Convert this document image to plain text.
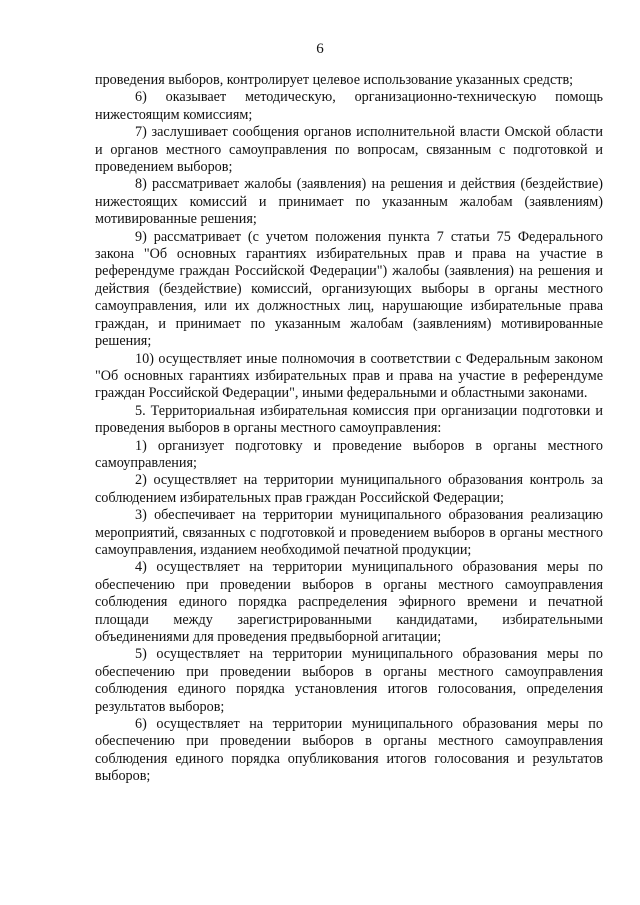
6

проведения выборов, контролирует целевое использование указанных средств;

6) оказывает методическую, организационно-техническую помощь нижестоящим комиссиям;

7) заслушивает сообщения органов исполнительной власти Омской области и органов местного самоуправления по вопросам, связанным с подготовкой и проведением выборов;

8) рассматривает жалобы (заявления) на решения и действия (бездействие) нижестоящих комиссий и принимает по указанным жалобам (заявлениям) мотивированные решения;

9) рассматривает (с учетом положения пункта 7 статьи 75 Федерального закона "Об основных гарантиях избирательных прав и права на участие в референдуме граждан Российской Федерации") жалобы (заявления) на решения и действия (бездействие) комиссий, организующих выборы в органы местного самоуправления, или их должностных лиц, нарушающие избирательные права граждан, и принимает по указанным жалобам (заявлениям) мотивированные решения;

10) осуществляет иные полномочия в соответствии с Федеральным законом "Об основных гарантиях избирательных прав и права на участие в референдуме граждан Российской Федерации", иными федеральными и областными законами.

5. Территориальная избирательная комиссия при организации подготовки и проведения выборов в органы местного самоуправления:

1) организует подготовку и проведение выборов в органы местного самоуправления;

2) осуществляет на территории муниципального образования контроль за соблюдением избирательных прав граждан Российской Федерации;

3) обеспечивает на территории муниципального образования реализацию мероприятий, связанных с подготовкой и проведением выборов в органы местного самоуправления, изданием необходимой печатной продукции;

4) осуществляет на территории муниципального образования меры по обеспечению при проведении выборов в органы местного самоуправления соблюдения единого порядка распределения эфирного времени и печатной площади между зарегистрированными кандидатами, избирательными объединениями для проведения предвыборной агитации;

5) осуществляет на территории муниципального образования меры по обеспечению при проведении выборов в органы местного самоуправления соблюдения единого порядка установления итогов голосования, определения результатов выборов;

6) осуществляет на территории муниципального образования меры по обеспечению при проведении выборов в органы местного самоуправления соблюдения единого порядка опубликования итогов голосования и результатов выборов;
